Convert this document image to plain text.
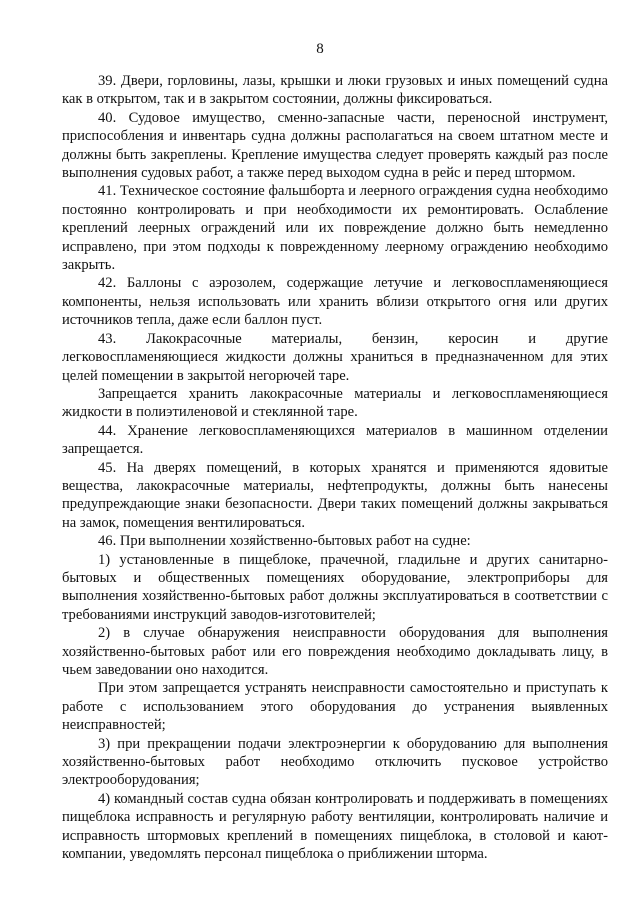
8

39. Двери, горловины, лазы, крышки и люки грузовых и иных помещений судна как в открытом, так и в закрытом состоянии, должны фиксироваться.

40. Судовое имущество, сменно-запасные части, переносной инструмент, приспособления и инвентарь судна должны располагаться на своем штатном месте и должны быть закреплены. Крепление имущества следует проверять каждый раз после выполнения судовых работ, а также перед выходом судна в рейс и перед штормом.

41. Техническое состояние фальшборта и леерного ограждения судна необходимо постоянно контролировать и при необходимости их ремонтировать. Ослабление креплений леерных ограждений или их повреждение должно быть немедленно исправлено, при этом подходы к поврежденному леерному ограждению необходимо закрыть.

42. Баллоны с аэрозолем, содержащие летучие и легковоспламеняющиеся компоненты, нельзя использовать или хранить вблизи открытого огня или других источников тепла, даже если баллон пуст.

43. Лакокрасочные материалы, бензин, керосин и другие легковоспламеняющиеся жидкости должны храниться в предназначенном для этих целей помещении в закрытой негорючей таре.

Запрещается хранить лакокрасочные материалы и легковоспламеняющиеся жидкости в полиэтиленовой и стеклянной таре.

44. Хранение легковоспламеняющихся материалов в машинном отделении запрещается.

45. На дверях помещений, в которых хранятся и применяются ядовитые вещества, лакокрасочные материалы, нефтепродукты, должны быть нанесены предупреждающие знаки безопасности. Двери таких помещений должны закрываться на замок, помещения вентилироваться.

46. При выполнении хозяйственно-бытовых работ на судне:

1) установленные в пищеблоке, прачечной, гладильне и других санитарно-бытовых и общественных помещениях оборудование, электроприборы для выполнения хозяйственно-бытовых работ должны эксплуатироваться в соответствии с требованиями инструкций заводов-изготовителей;

2) в случае обнаружения неисправности оборудования для выполнения хозяйственно-бытовых работ или его повреждения необходимо докладывать лицу, в чьем заведовании оно находится.

При этом запрещается устранять неисправности самостоятельно и приступать к работе с использованием этого оборудования до устранения выявленных неисправностей;

3) при прекращении подачи электроэнергии к оборудованию для выполнения хозяйственно-бытовых работ необходимо отключить пусковое устройство электрооборудования;

4) командный состав судна обязан контролировать и поддерживать в помещениях пищеблока исправность и регулярную работу вентиляции, контролировать наличие и исправность штормовых креплений в помещениях пищеблока, в столовой и кают-компании, уведомлять персонал пищеблока о приближении шторма.
